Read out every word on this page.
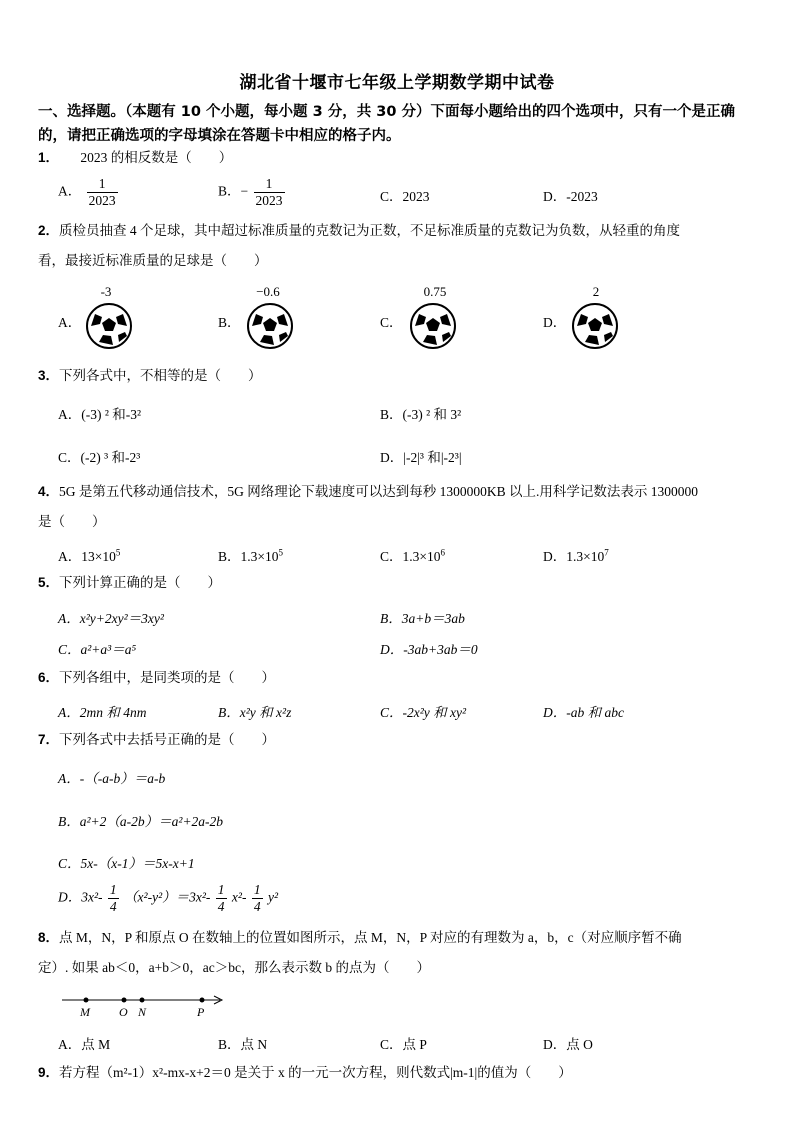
湖北省十堰市七年级上学期数学期中试卷
一、选择题。（本题有 10 个小题，每小题 3 分，共 30 分）下面每小题给出的四个选项中，只有一个是正确的，请把正确选项的字母填涂在答题卡中相应的格子内。
1． 2023 的相反数是（　　）
A． $\frac{1}{2023}$	B．− $\frac{1}{2023}$	C．2023	D．-2023
2．质检员抽查 4 个足球，其中超过标准质量的克数记为正数，不足标准质量的克数记为负数，从轻重的角度
看，最接近标准质量的足球是（　　）
-3
A．
−0.6
B．
0.75
C．
2
D．
3．下列各式中，不相等的是（　　）
A．(-3) ² 和-3²	B．(-3) ² 和 3²
C．(-2) ³ 和-2³	D．|-2|³ 和|-2³|
4．5G 是第五代移动通信技术，5G 网络理论下载速度可以达到每秒 1300000KB 以上.用科学记数法表示 1300000
是（　　）
A．$13\times 10^5$	B．$1.3\times 10^5$	C．$1.3\times 10^6$	D．$1.3\times 10^7$
5．下列计算正确的是（　　）
A．x²y+2xy²＝3xy²	B．3a+b＝3ab
C．a²+a³＝a⁵	D．-3ab+3ab＝0
6．下列各组中，是同类项的是（　　）
A．2mn 和 4nm	B．x²y 和 x²z	C．-2x²y 和 xy²	D．-ab 和 abc
7．下列各式中去括号正确的是（　　）
A．-（-a-b）＝a-b
B．a²+2（a-2b）＝a²+2a-2b
C．5x-（x-1）＝5x-x+1
D．$3x^2- \frac{1}{4} (x^2-y^2)=3x^2- \frac{1}{4} x^2- \frac{1}{4} y^2$
8．点 M，N，P 和原点 O 在数轴上的位置如图所示，点 M，N，P 对应的有理数为 a，b，c（对应顺序暂不确
定）. 如果 ab＜0，a+b＞0，ac＞bc，那么表示数 b 的点为（　　）
M O N	P
A．点 M	B．点 N	C．点 P	D．点 O
9．若方程（m²-1）x²-mx-x+2＝0 是关于 x 的一元一次方程，则代数式|m-1|的值为（　　）
